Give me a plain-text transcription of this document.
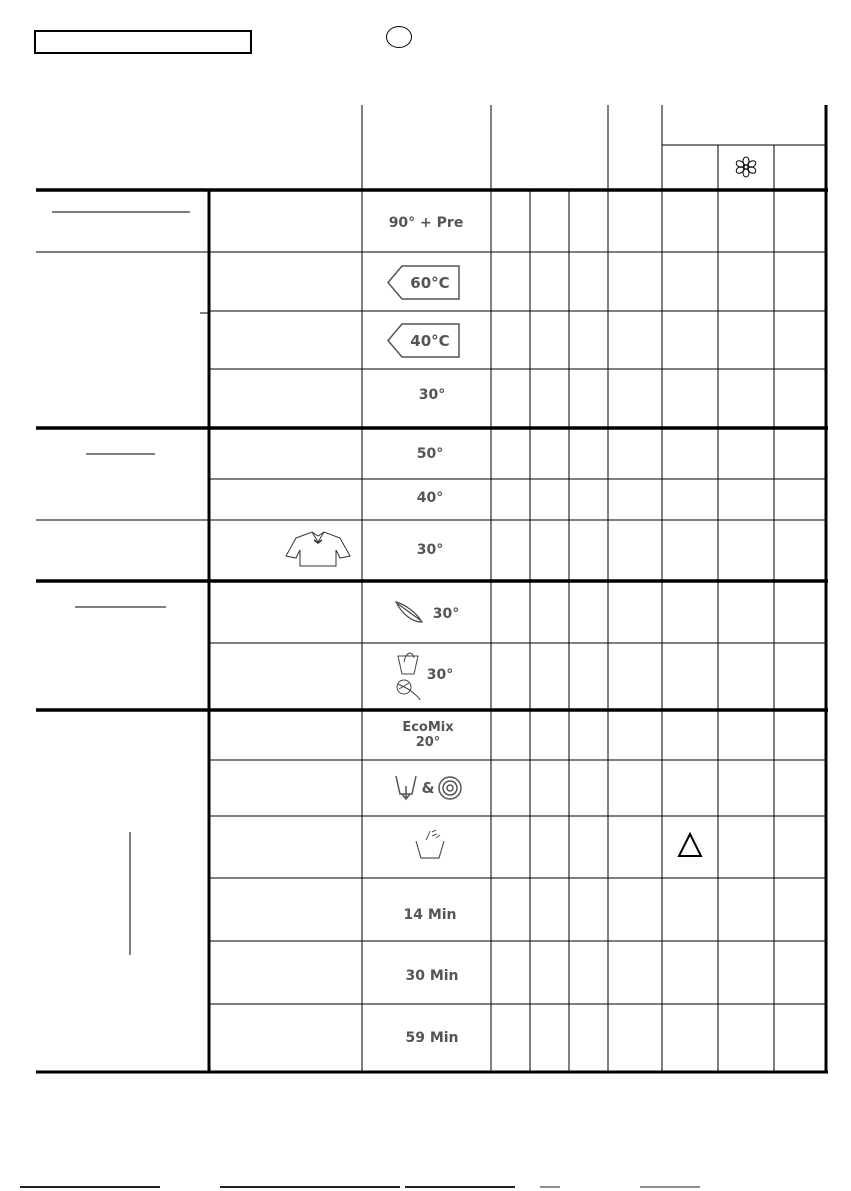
90° + Pre
60°C
40°C
30°
50°
40°
30°
30°
30°
EcoMix
20°
&
14 Min
30 Min
59 Min
